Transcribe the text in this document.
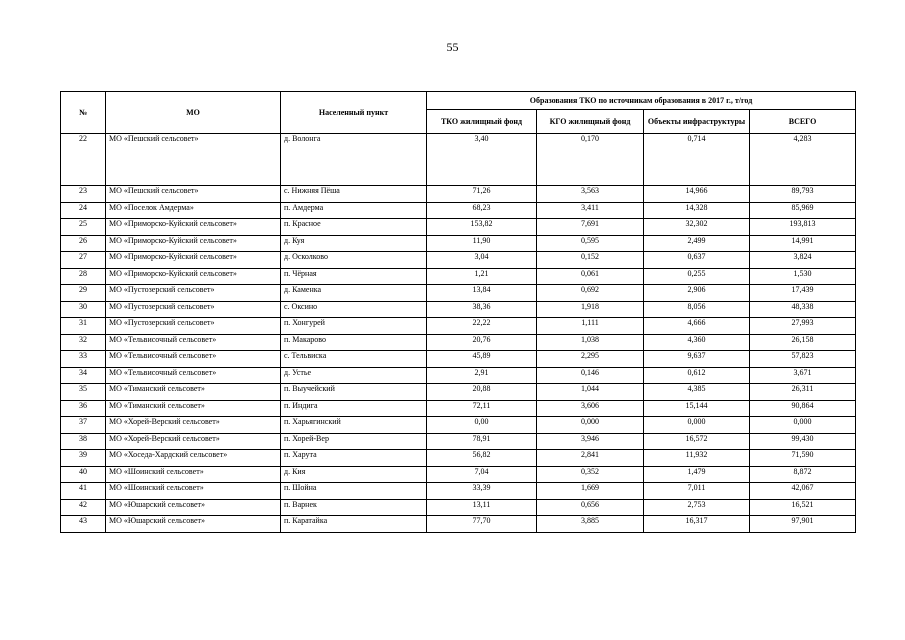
55
№	МО	Населенный пункт	Образования ТКО по источникам образования в 2017 г., т/год			
			ТКО жилищный фонд	КГО жилищный фонд	Объекты инфраструктуры	ВСЕГО
22	МО «Пешский сельсовет»	д. Волонга	3,40	0,170	0,714	4,283
23	МО «Пешский сельсовет»	с. Нижняя Пёша	71,26	3,563	14,966	89,793
24	МО «Поселок Амдерма»	п. Амдерма	68,23	3,411	14,328	85,969
25	МО «Приморско-Куйский сельсовет»	п. Красное	153,82	7,691	32,302	193,813
26	МО «Приморско-Куйский сельсовет»	д. Куя	11,90	0,595	2,499	14,991
27	МО «Приморско-Куйский сельсовет»	д. Осколково	3,04	0,152	0,637	3,824
28	МО «Приморско-Куйский сельсовет»	п. Чёрная	1,21	0,061	0,255	1,530
29	МО «Пустозерский сельсовет»	д. Каменка	13,84	0,692	2,906	17,439
30	МО «Пустозерский сельсовет»	с. Оксино	38,36	1,918	8,056	48,338
31	МО «Пустозерский сельсовет»	п. Хонгурей	22,22	1,111	4,666	27,993
32	МО «Тельвисочный сельсовет»	п. Макарово	20,76	1,038	4,360	26,158
33	МО «Тельвисочный сельсовет»	с. Тельвиска	45,89	2,295	9,637	57,823
34	МО «Тельвисочный сельсовет»	д. Устье	2,91	0,146	0,612	3,671
35	МО «Тиманский сельсовет»	п. Выучейский	20,88	1,044	4,385	26,311
36	МО «Тиманский сельсовет»	п. Индига	72,11	3,606	15,144	90,864
37	МО «Хорей-Верский сельсовет»	п. Харьягинский	0,00	0,000	0,000	0,000
38	МО «Хорей-Верский сельсовет»	п. Хорей-Вер	78,91	3,946	16,572	99,430
39	МО «Хоседа-Хардский сельсовет»	п. Харута	56,82	2,841	11,932	71,590
40	МО «Шоинский сельсовет»	д. Кия	7,04	0,352	1,479	8,872
41	МО «Шоинский сельсовет»	п. Шойна	33,39	1,669	7,011	42,067
42	МО «Юшарский сельсовет»	п. Варнек	13,11	0,656	2,753	16,521
43	МО «Юшарский сельсовет»	п. Каратайка	77,70	3,885	16,317	97,901
